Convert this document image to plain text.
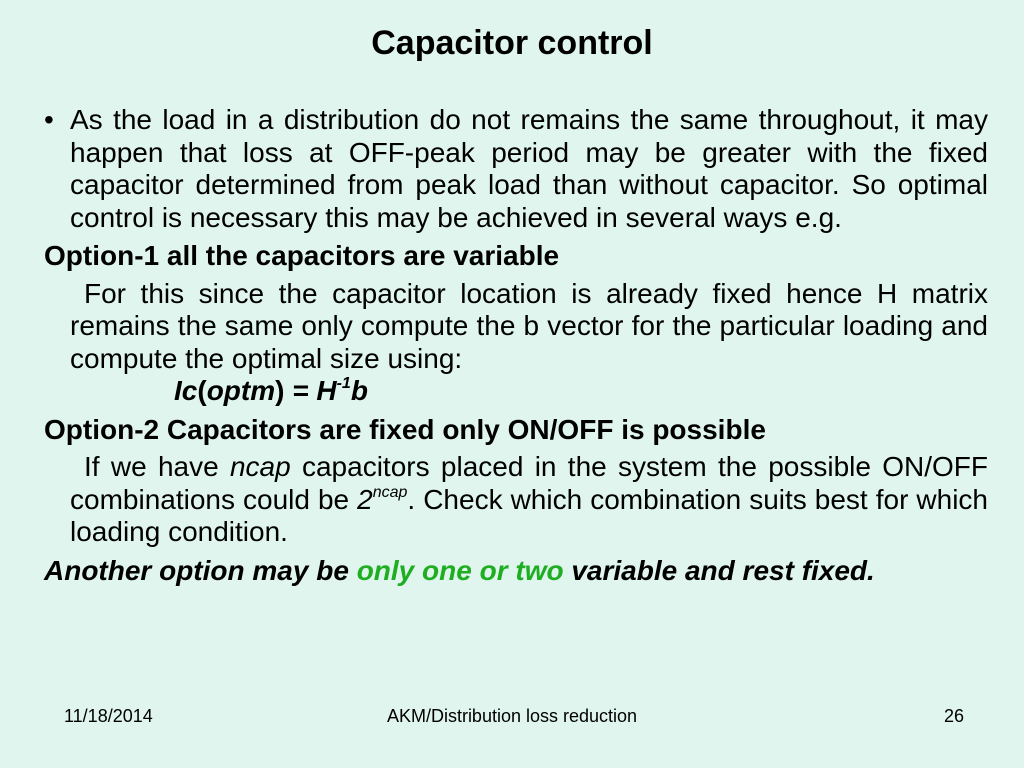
Capacitor control
• As the load in a distribution do not remains the same throughout, it may happen that loss at OFF-peak period may be greater with the fixed capacitor determined from peak load than without capacitor. So optimal control is necessary this may be achieved in several ways e.g.
Option-1 all the capacitors are variable
For this since the capacitor location is already fixed hence H matrix remains the same only compute the b vector for the particular loading and compute the optimal size using:
Ic(optm) = $H^{-1}b$
Option-2 Capacitors are fixed only ON/OFF is possible
If we have ncap capacitors placed in the system the possible ON/OFF combinations could be $2^{ncap}$. Check which combination suits best for which loading condition.
Another option may be only one or two variable and rest fixed.
11/18/2014	AKM/Distribution loss reduction	26
